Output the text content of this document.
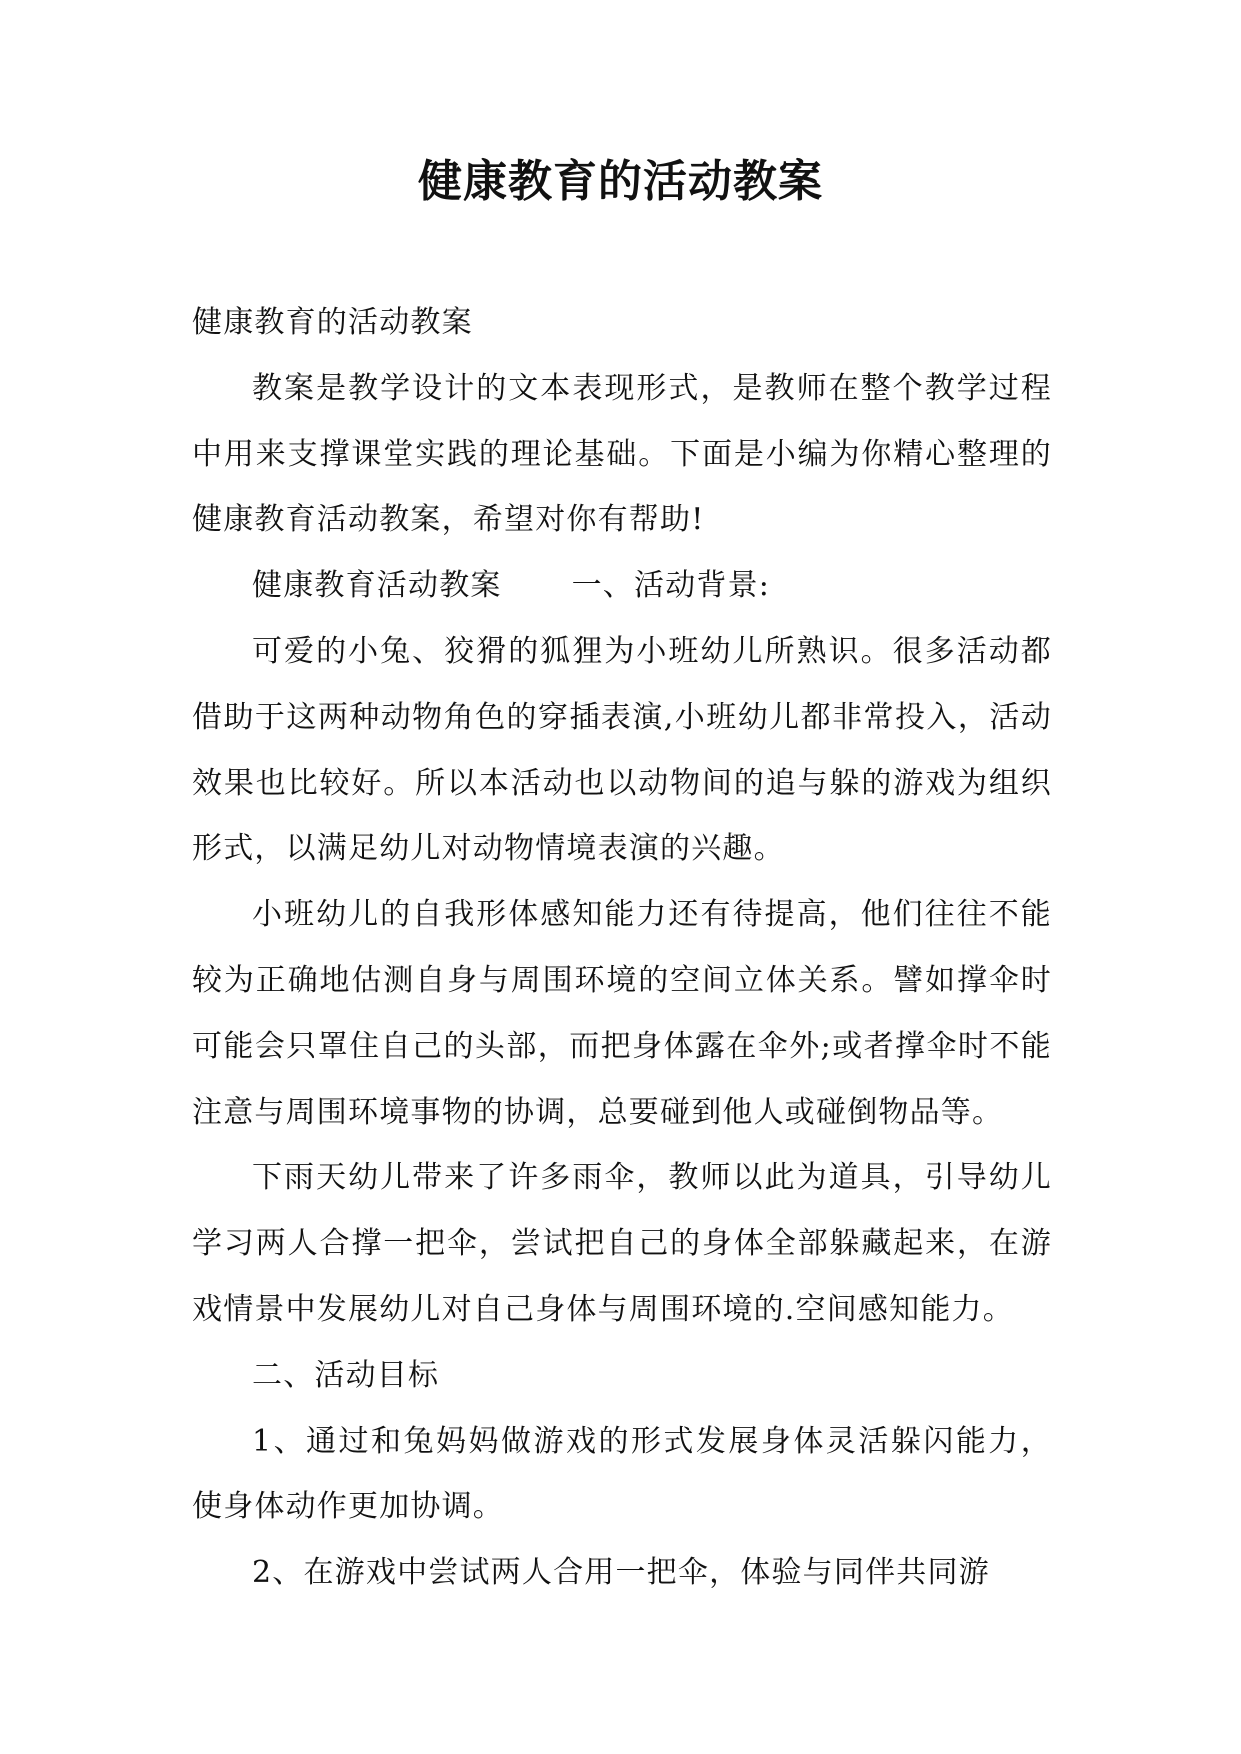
健康教育的活动教案

健康教育的活动教案

教案是教学设计的文本表现形式，是教师在整个教学过程中用来支撑课堂实践的理论基础。下面是小编为你精心整理的健康教育活动教案，希望对你有帮助!

健康教育活动教案 一、活动背景:

可爱的小兔、狡猾的狐狸为小班幼儿所熟识。很多活动都借助于这两种动物角色的穿插表演,小班幼儿都非常投入，活动效果也比较好。所以本活动也以动物间的追与躲的游戏为组织形式，以满足幼儿对动物情境表演的兴趣。

小班幼儿的自我形体感知能力还有待提高，他们往往不能较为正确地估测自身与周围环境的空间立体关系。譬如撑伞时可能会只罩住自己的头部，而把身体露在伞外;或者撑伞时不能注意与周围环境事物的协调，总要碰到他人或碰倒物品等。

下雨天幼儿带来了许多雨伞，教师以此为道具，引导幼儿学习两人合撑一把伞，尝试把自己的身体全部躲藏起来，在游戏情景中发展幼儿对自己身体与周围环境的.空间感知能力。

二、活动目标

1、通过和兔妈妈做游戏的形式发展身体灵活躲闪能力，使身体动作更加协调。

2、在游戏中尝试两人合用一把伞，体验与同伴共同游
